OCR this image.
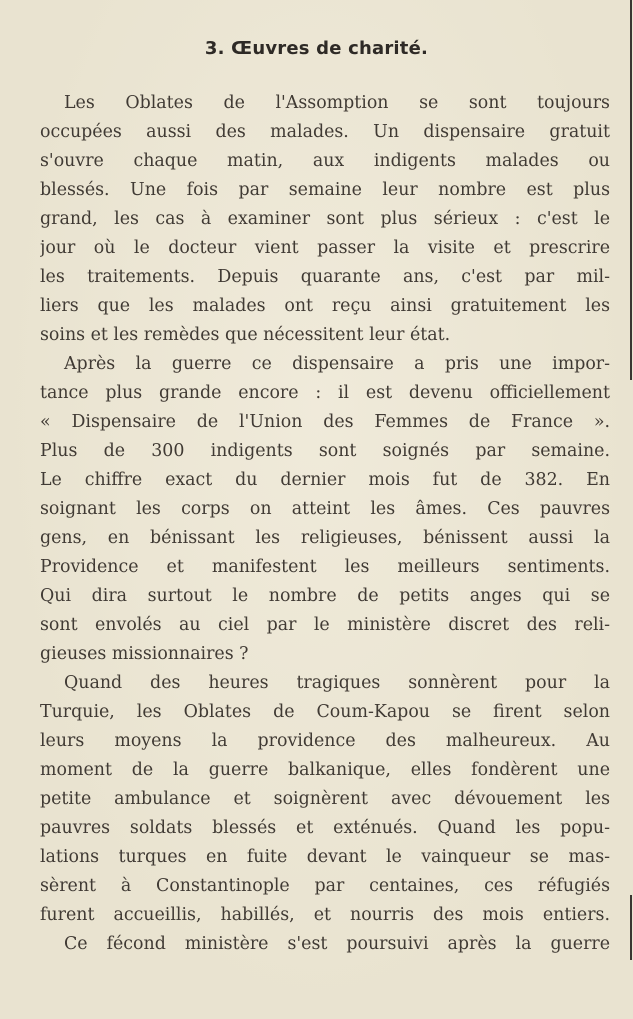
3. Œuvres de charité.
Les Oblates de l'Assomption se sont toujours
occupées aussi des malades. Un dispensaire gratuit
s'ouvre chaque matin, aux indigents malades ou
blessés. Une fois par semaine leur nombre est plus
grand, les cas à examiner sont plus sérieux : c'est le
jour où le docteur vient passer la visite et prescrire
les traitements. Depuis quarante ans, c'est par mil-
liers que les malades ont reçu ainsi gratuitement les
soins et les remèdes que nécessitent leur état.
Après la guerre ce dispensaire a pris une impor-
tance plus grande encore : il est devenu officiellement
« Dispensaire de l'Union des Femmes de France ».
Plus de 300 indigents sont soignés par semaine.
Le chiffre exact du dernier mois fut de 382. En
soignant les corps on atteint les âmes. Ces pauvres
gens, en bénissant les religieuses, bénissent aussi la
Providence et manifestent les meilleurs sentiments.
Qui dira surtout le nombre de petits anges qui se
sont envolés au ciel par le ministère discret des reli-
gieuses missionnaires ?
Quand des heures tragiques sonnèrent pour la
Turquie, les Oblates de Coum-Kapou se firent selon
leurs moyens la providence des malheureux. Au
moment de la guerre balkanique, elles fondèrent une
petite ambulance et soignèrent avec dévouement les
pauvres soldats blessés et exténués. Quand les popu-
lations turques en fuite devant le vainqueur se mas-
sèrent à Constantinople par centaines, ces réfugiés
furent accueillis, habillés, et nourris des mois entiers.
Ce fécond ministère s'est poursuivi après la guerre
